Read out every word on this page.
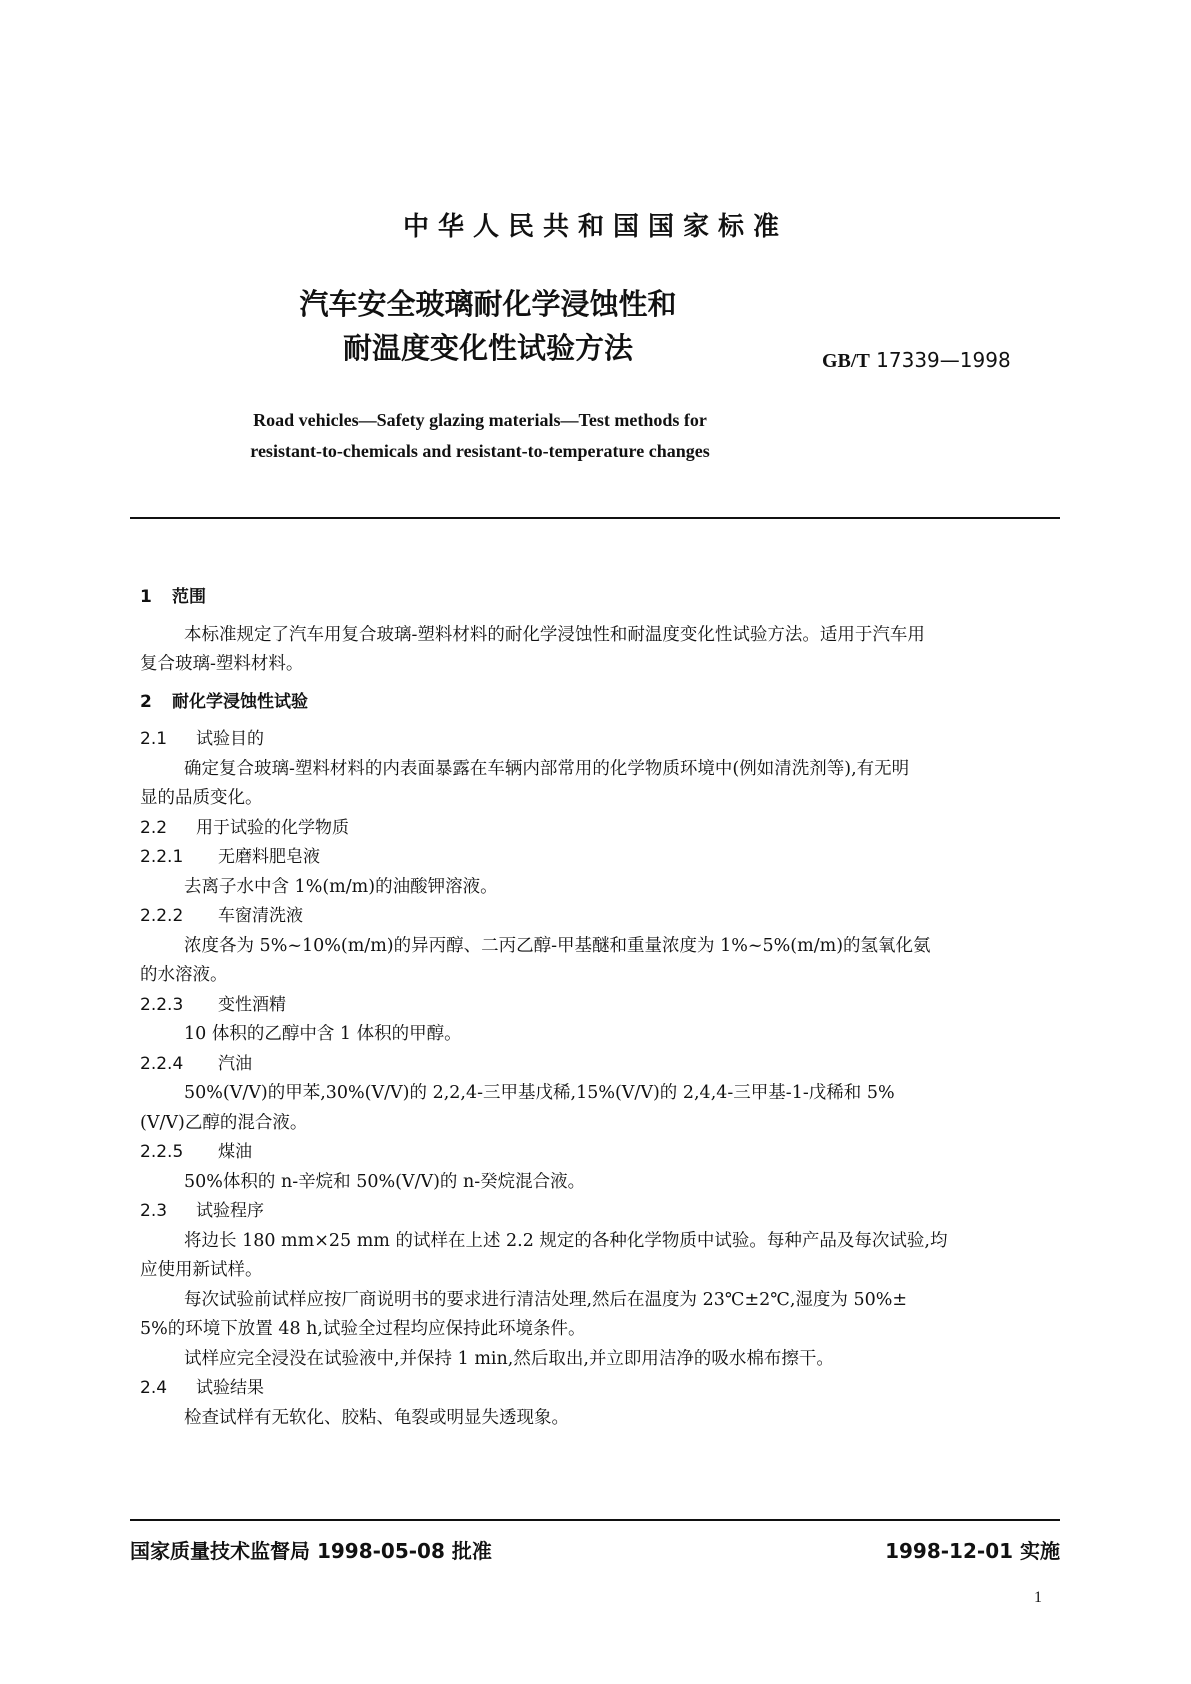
中华人民共和国国家标准
汽车安全玻璃耐化学浸蚀性和
耐温度变化性试验方法	GB/T 17339—1998
Road vehicles—Safety glazing materials—Test methods for
resistant-to-chemicals and resistant-to-temperature changes
1 范围
本标准规定了汽车用复合玻璃-塑料材料的耐化学浸蚀性和耐温度变化性试验方法。适用于汽车用
复合玻璃-塑料材料。
2 耐化学浸蚀性试验
2.1 试验目的
确定复合玻璃-塑料材料的内表面暴露在车辆内部常用的化学物质环境中(例如清洗剂等),有无明
显的品质变化。
2.2 用于试验的化学物质
2.2.1 无磨料肥皂液
去离子水中含 1%(m/m)的油酸钾溶液。
2.2.2 车窗清洗液
浓度各为 5%~10%(m/m)的异丙醇、二丙乙醇-甲基醚和重量浓度为 1%~5%(m/m)的氢氧化氨
的水溶液。
2.2.3 变性酒精
10 体积的乙醇中含 1 体积的甲醇。
2.2.4 汽油
50%(V/V)的甲苯,30%(V/V)的 2,2,4-三甲基戊稀,15%(V/V)的 2,4,4-三甲基-1-戊稀和 5%
(V/V)乙醇的混合液。
2.2.5 煤油
50%体积的 n-辛烷和 50%(V/V)的 n-癸烷混合液。
2.3 试验程序
将边长 180 mm×25 mm 的试样在上述 2.2 规定的各种化学物质中试验。每种产品及每次试验,均
应使用新试样。
每次试验前试样应按厂商说明书的要求进行清洁处理,然后在温度为 23℃±2℃,湿度为 50%±
5%的环境下放置 48 h,试验全过程均应保持此环境条件。
试样应完全浸没在试验液中,并保持 1 min,然后取出,并立即用洁净的吸水棉布擦干。
2.4 试验结果
检查试样有无软化、胶粘、龟裂或明显失透现象。
国家质量技术监督局 1998-05-08 批准	1998-12-01 实施
1
